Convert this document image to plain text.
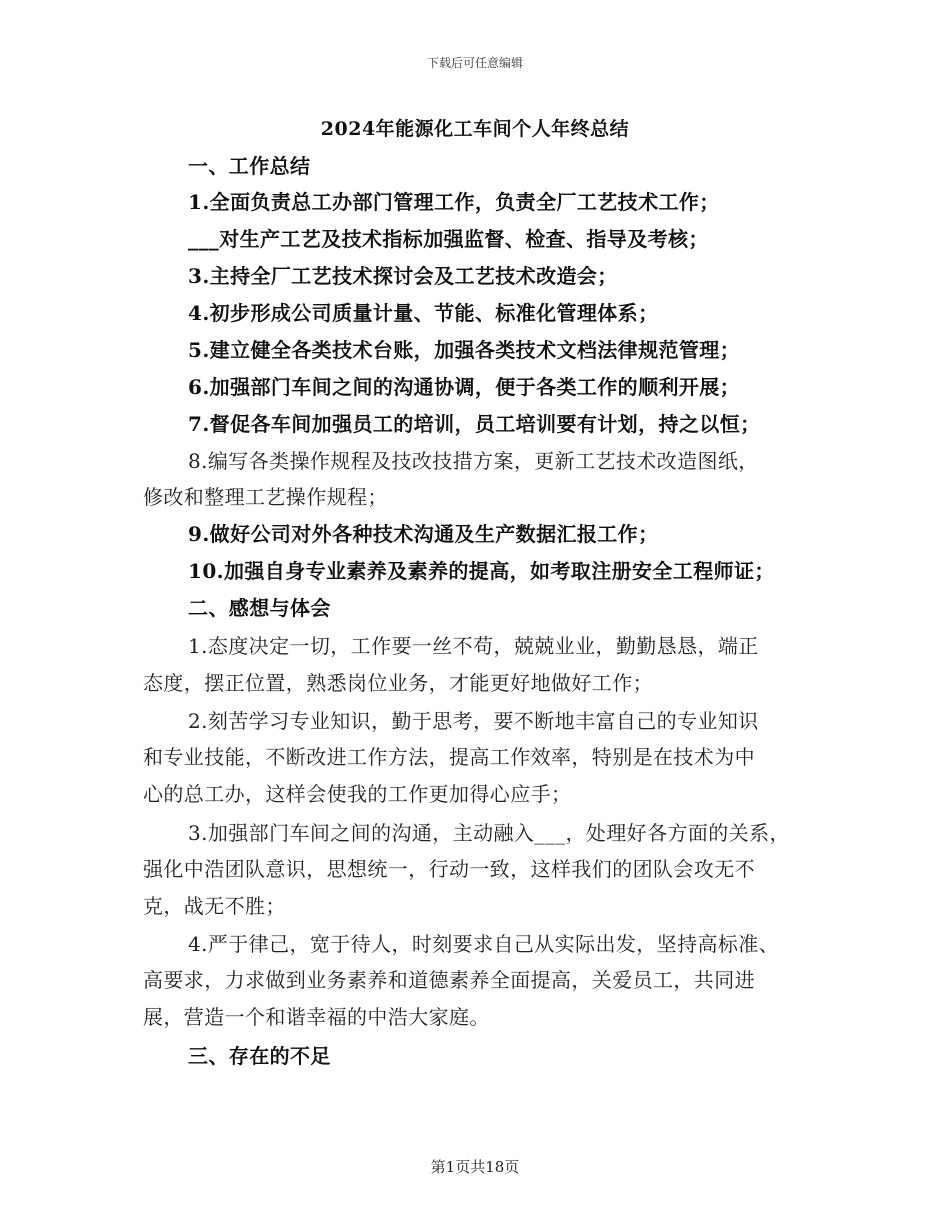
下载后可任意编辑
2024年能源化工车间个人年终总结
一、工作总结
1.全面负责总工办部门管理工作，负责全厂工艺技术工作；
___对生产工艺及技术指标加强监督、检查、指导及考核；
3.主持全厂工艺技术探讨会及工艺技术改造会；
4.初步形成公司质量计量、节能、标准化管理体系；
5.建立健全各类技术台账，加强各类技术文档法律规范管理；
6.加强部门车间之间的沟通协调，便于各类工作的顺利开展；
7.督促各车间加强员工的培训，员工培训要有计划，持之以恒；
8.编写各类操作规程及技改技措方案，更新工艺技术改造图纸，
修改和整理工艺操作规程；
9.做好公司对外各种技术沟通及生产数据汇报工作；
10.加强自身专业素养及素养的提高，如考取注册安全工程师证；
二、感想与体会
1.态度决定一切，工作要一丝不苟，兢兢业业，勤勤恳恳，端正
态度，摆正位置，熟悉岗位业务，才能更好地做好工作；
2.刻苦学习专业知识，勤于思考，要不断地丰富自己的专业知识
和专业技能，不断改进工作方法，提高工作效率，特别是在技术为中
心的总工办，这样会使我的工作更加得心应手；
3.加强部门车间之间的沟通，主动融入___，处理好各方面的关系，
强化中浩团队意识，思想统一，行动一致，这样我们的团队会攻无不
克，战无不胜；
4.严于律己，宽于待人，时刻要求自己从实际出发，坚持高标准、
高要求，力求做到业务素养和道德素养全面提高，关爱员工，共同进
展，营造一个和谐幸福的中浩大家庭。
三、存在的不足
第1页共18页
